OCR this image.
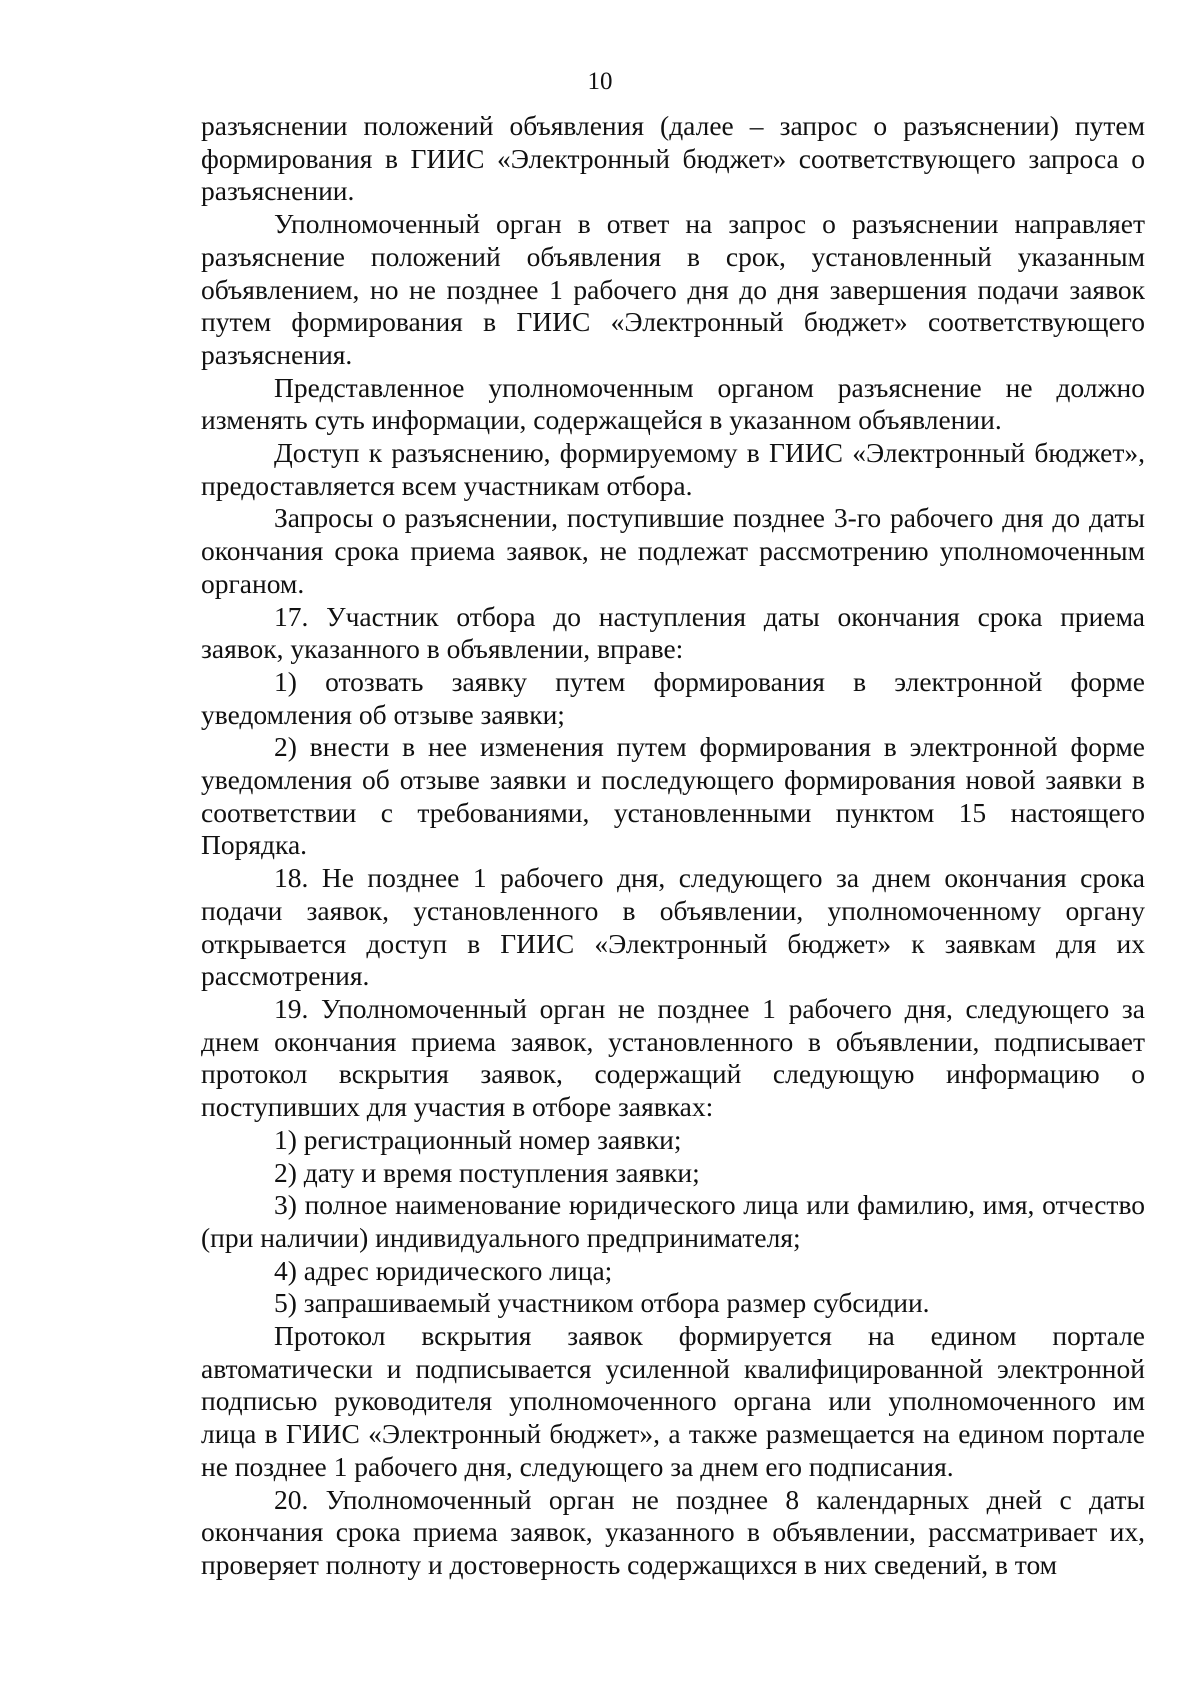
10

разъяснении положений объявления (далее – запрос о разъяснении) путем формирования в ГИИС «Электронный бюджет» соответствующего запроса о разъяснении.

Уполномоченный орган в ответ на запрос о разъяснении направляет разъяснение положений объявления в срок, установленный указанным объявлением, но не позднее 1 рабочего дня до дня завершения подачи заявок путем формирования в ГИИС «Электронный бюджет» соответствующего разъяснения.

Представленное уполномоченным органом разъяснение не должно изменять суть информации, содержащейся в указанном объявлении.

Доступ к разъяснению, формируемому в ГИИС «Электронный бюджет», предоставляется всем участникам отбора.

Запросы о разъяснении, поступившие позднее 3-го рабочего дня до даты окончания срока приема заявок, не подлежат рассмотрению уполномоченным органом.

17. Участник отбора до наступления даты окончания срока приема заявок, указанного в объявлении, вправе:

1) отозвать заявку путем формирования в электронной форме уведомления об отзыве заявки;

2) внести в нее изменения путем формирования в электронной форме уведомления об отзыве заявки и последующего формирования новой заявки в соответствии с требованиями, установленными пунктом 15 настоящего Порядка.

18. Не позднее 1 рабочего дня, следующего за днем окончания срока подачи заявок, установленного в объявлении, уполномоченному органу открывается доступ в ГИИС «Электронный бюджет» к заявкам для их рассмотрения.

19. Уполномоченный орган не позднее 1 рабочего дня, следующего за днем окончания приема заявок, установленного в объявлении, подписывает протокол вскрытия заявок, содержащий следующую информацию о поступивших для участия в отборе заявках:

1) регистрационный номер заявки;

2) дату и время поступления заявки;

3) полное наименование юридического лица или фамилию, имя, отчество (при наличии) индивидуального предпринимателя;

4) адрес юридического лица;

5) запрашиваемый участником отбора размер субсидии.

Протокол вскрытия заявок формируется на едином портале автоматически и подписывается усиленной квалифицированной электронной подписью руководителя уполномоченного органа или уполномоченного им лица в ГИИС «Электронный бюджет», а также размещается на едином портале не позднее 1 рабочего дня, следующего за днем его подписания.

20. Уполномоченный орган не позднее 8 календарных дней с даты окончания срока приема заявок, указанного в объявлении, рассматривает их, проверяет полноту и достоверность содержащихся в них сведений, в том
